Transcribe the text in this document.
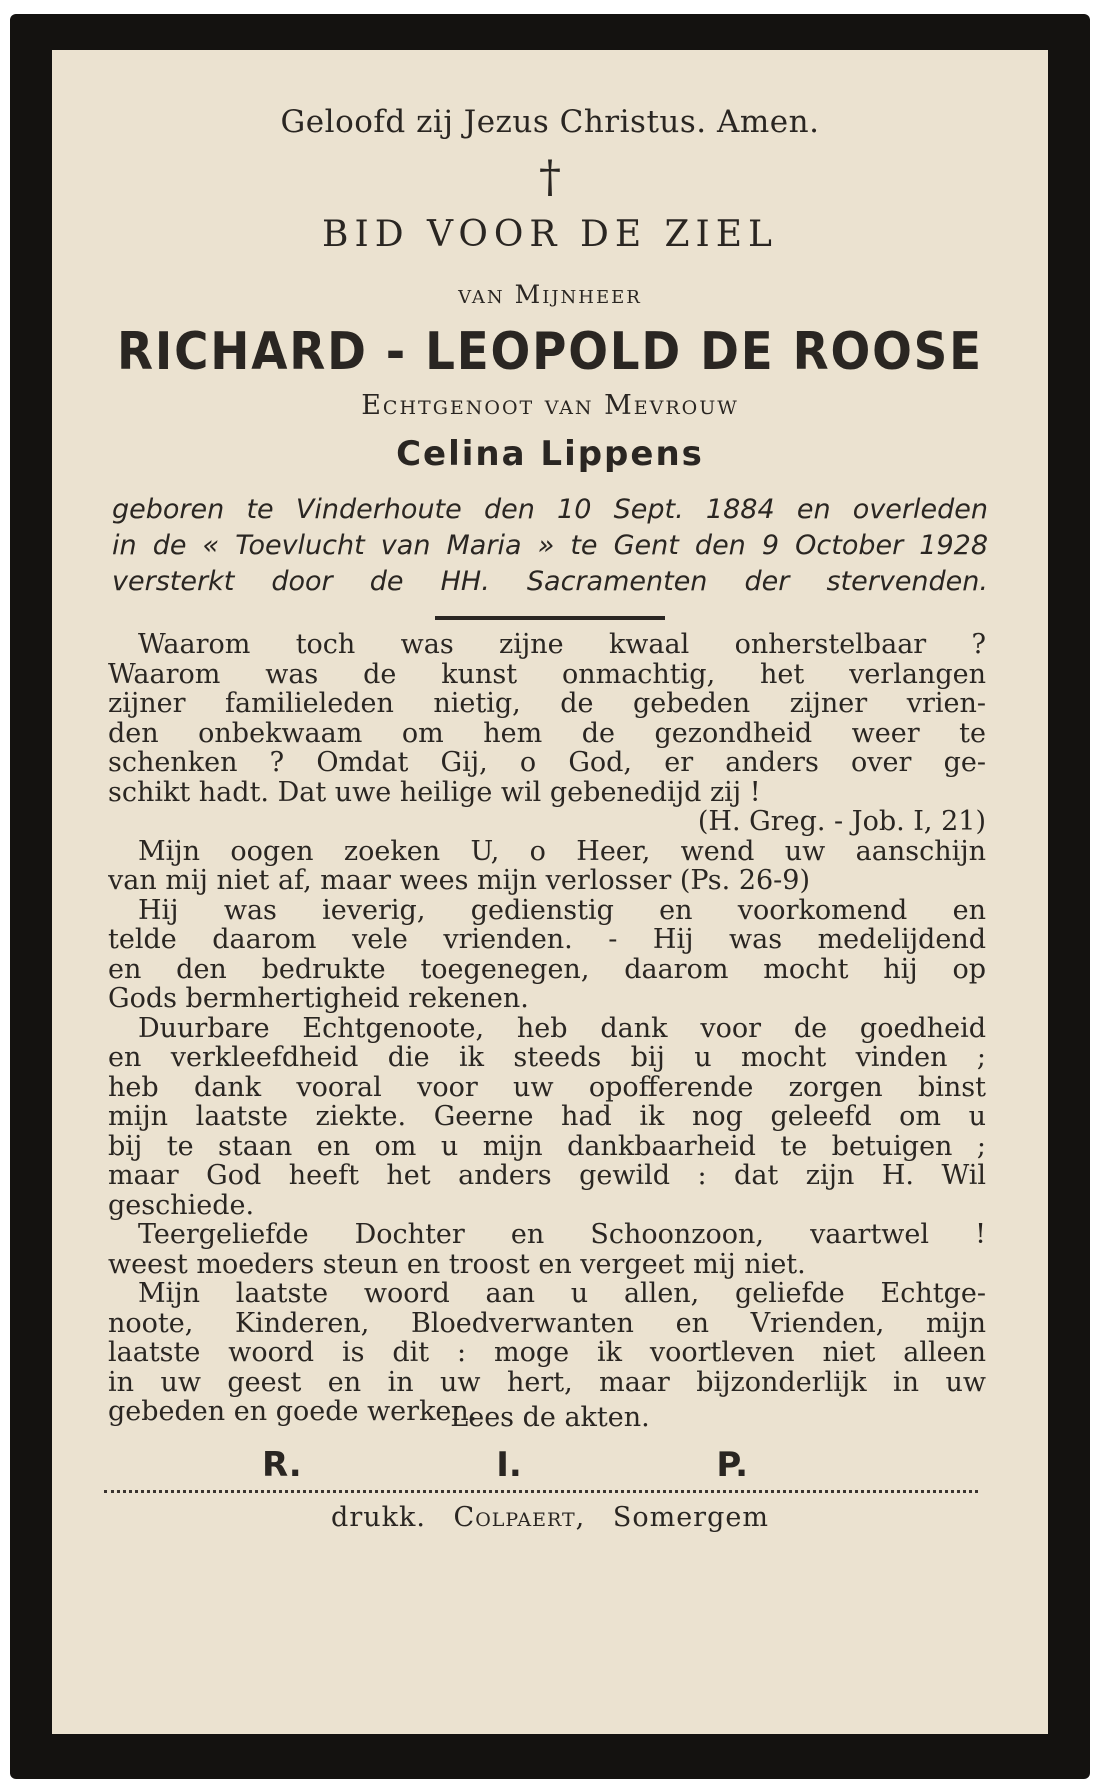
Geloofd zij Jezus Christus. Amen.
†
BID VOOR DE ZIEL
van Mijnheer
RICHARD - LEOPOLD DE ROOSE
Echtgenoot van Mevrouw
Celina Lippens
geboren te Vinderhoute den 10 Sept. 1884 en overleden
in de « Toevlucht van Maria » te Gent den 9 October 1928
versterkt door de HH. Sacramenten der stervenden.
Waarom toch was zijne kwaal onherstelbaar ?
Waarom was de kunst onmachtig, het verlangen
zijner familieleden nietig, de gebeden zijner vrien-
den onbekwaam om hem de gezondheid weer te
schenken ? Omdat Gij, o God, er anders over ge-
schikt hadt. Dat uwe heilige wil gebenedijd zij !
(H. Greg. - Job. I, 21)
Mijn oogen zoeken U, o Heer, wend uw aanschijn
van mij niet af, maar wees mijn verlosser (Ps. 26-9)
Hij was ieverig, gedienstig en voorkomend en
telde daarom vele vrienden. - Hij was medelijdend
en den bedrukte toegenegen, daarom mocht hij op
Gods bermhertigheid rekenen.
Duurbare Echtgenoote, heb dank voor de goedheid
en verkleefdheid die ik steeds bij u mocht vinden ;
heb dank vooral voor uw opofferende zorgen binst
mijn laatste ziekte. Geerne had ik nog geleefd om u
bij te staan en om u mijn dankbaarheid te betuigen ;
maar God heeft het anders gewild : dat zijn H. Wil
geschiede.
Teergeliefde Dochter en Schoonzoon, vaartwel !
weest moeders steun en troost en vergeet mij niet.
Mijn laatste woord aan u allen, geliefde Echtge-
noote, Kinderen, Bloedverwanten en Vrienden, mijn
laatste woord is dit : moge ik voortleven niet alleen
in uw geest en in uw hert, maar bijzonderlijk in uw
gebeden en goede werken.
Lees de akten.
R.	I.	P.
drukk. Colpaert, Somergem
